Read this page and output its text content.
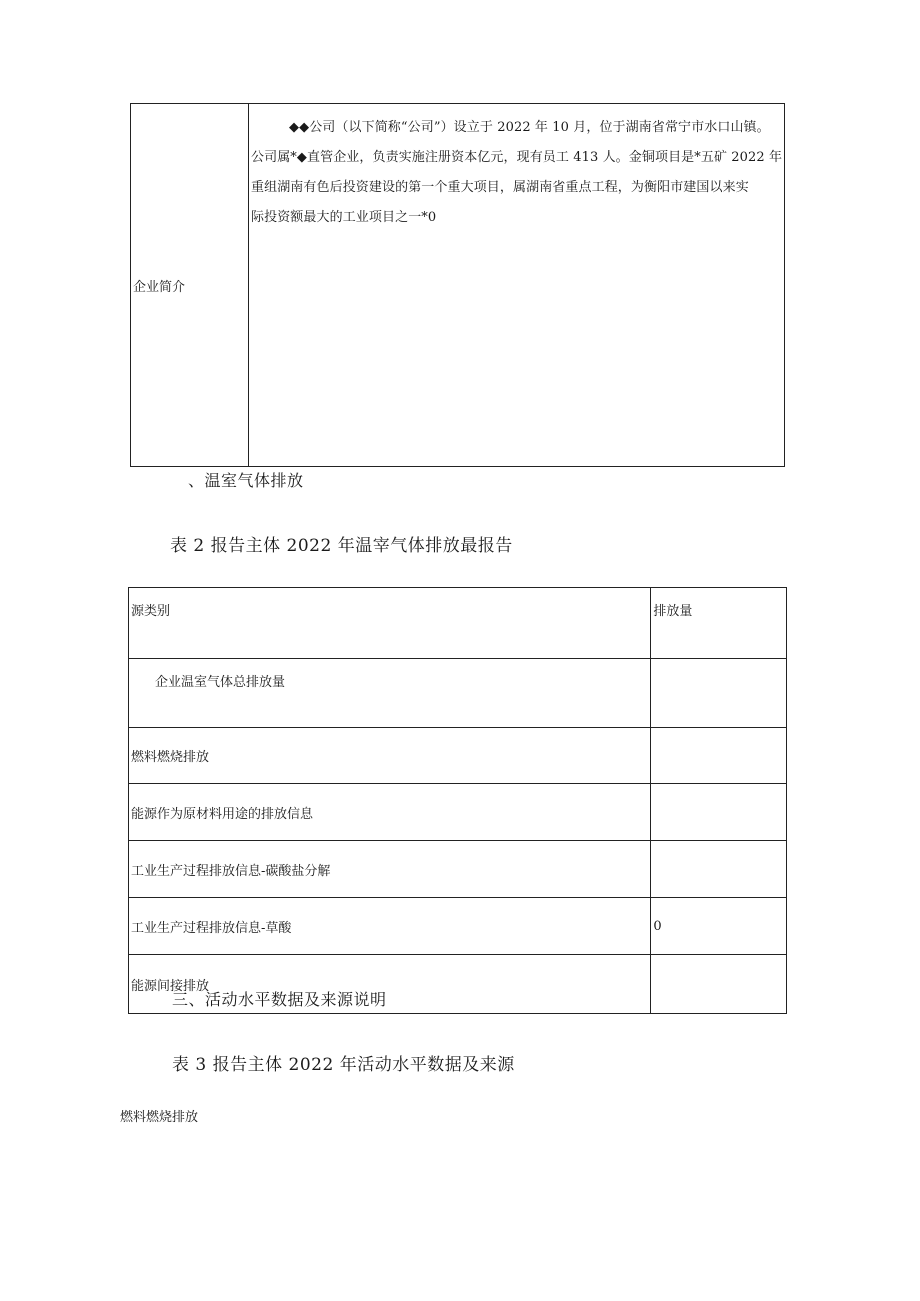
企业简介
◆◆公司（以下简称“公司”）设立于 2022 年 10 月，位于湖南省常宁市水口山镇。
公司属*◆直管企业，负责实施注册资本亿元，现有员工 413 人。金铜项目是*五矿 2022 年
重组湖南有色后投资建设的第一个重大项目，属湖南省重点工程，为衡阳市建国以来实
际投资额最大的工业项目之一*0
、温室气体排放
表 2 报告主体 2022 年温宰气体排放最报告
源类别	排放量
企业温室气体总排放量	
燃料燃烧排放	
能源作为原材料用途的排放信息	
工业生产过程排放信息-碳酸盐分解	
工业生产过程排放信息-草酸	0
能源间接排放	
三、活动水平数据及来源说明
表 3 报告主体 2022 年活动水平数据及来源
燃料燃烧排放
